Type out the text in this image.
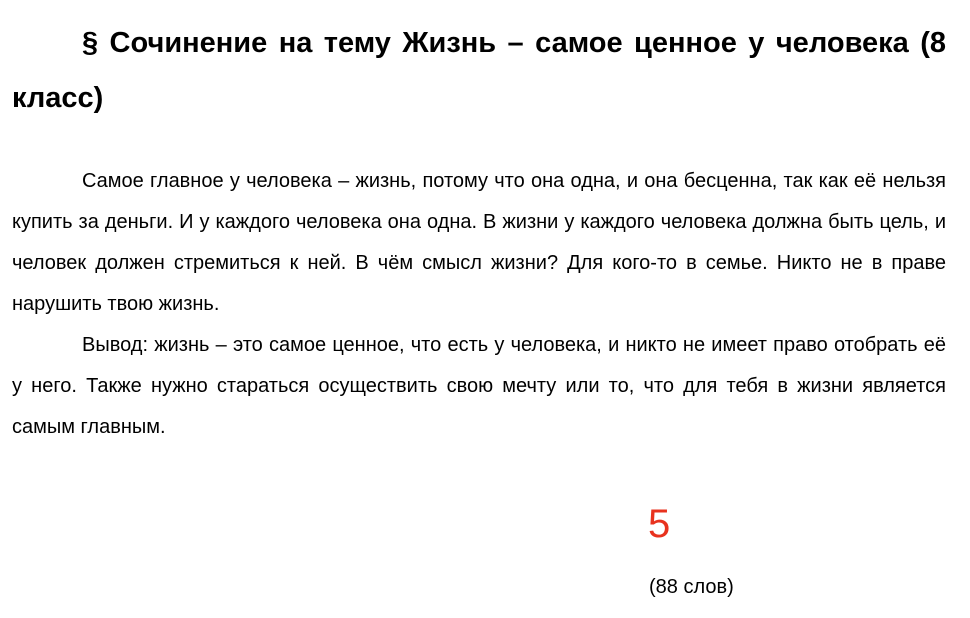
§ Сочинение на тему Жизнь – самое ценное у человека (8 класс)

Самое главное у человека – жизнь, потому что она одна, и она бесценна, так как её нельзя купить за деньги. И у каждого человека она одна. В жизни у каждого человека должна быть цель, и человек должен стремиться к ней. В чём смысл жизни? Для кого-то в семье. Никто не в праве нарушить твою жизнь.

Вывод: жизнь – это самое ценное, что есть у человека, и никто не имеет право отобрать её у него. Также нужно стараться осуществить свою мечту или то, что для тебя в жизни является самым главным.

5
(88 слов)
